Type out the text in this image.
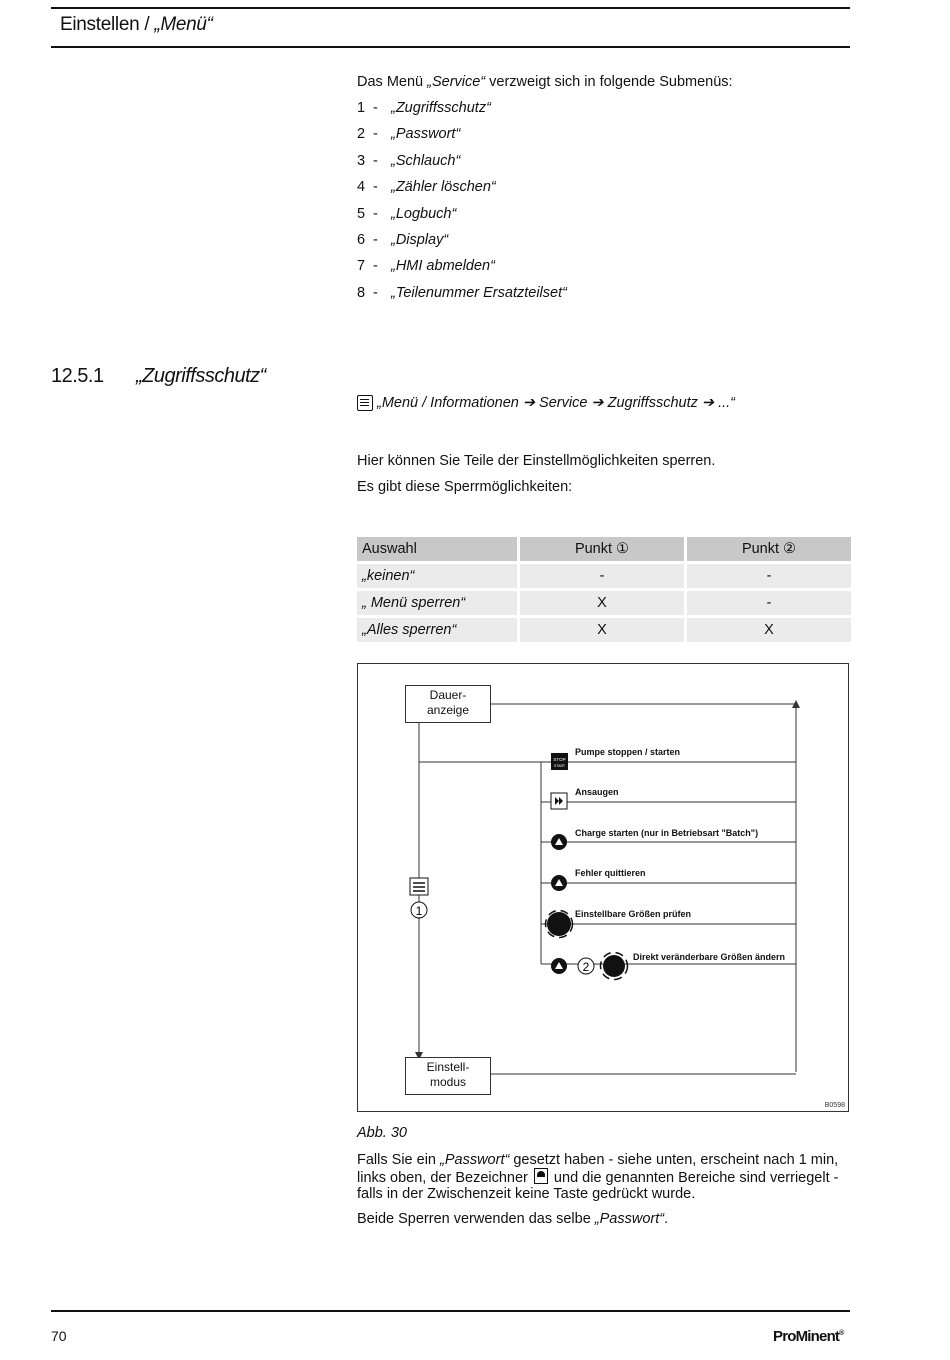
Einstellen / „Menü“
Das Menü „Service“ verzweigt sich in folgende Submenüs:
1 - „Zugriffsschutz“
2 - „Passwort“
3 - „Schlauch“
4 - „Zähler löschen“
5 - „Logbuch“
6 - „Display“
7 - „HMI abmelden“
8 - „Teilenummer Ersatzteilset“
12.5.1 „Zugriffsschutz“
„Menü / Informationen ➔ Service ➔ Zugriffsschutz ➔ ...“
Hier können Sie Teile der Einstellmöglichkeiten sperren.
Es gibt diese Sperrmöglichkeiten:
Auswahl	Punkt ①	Punkt ②
„keinen“	-	-
„ Menü sperren“	X	-
„Alles sperren“	X	X
STOP
START
2
1
Dauer-
anzeige
Einstell-
modus
Pumpe stoppen / starten
Ansaugen
Charge starten (nur in Betriebsart "Batch")
Fehler quittieren
Einstellbare Größen prüfen
Direkt veränderbare Größen ändern
B0598
Abb. 30
Falls Sie ein „Passwort“ gesetzt haben - siehe unten, erscheint nach 1 min, links oben, der Bezeichner  und die genannten Bereiche sind verriegelt - falls in der Zwischenzeit keine Taste gedrückt wurde.
Beide Sperren verwenden das selbe „Passwort“.
70	ProMinent®
